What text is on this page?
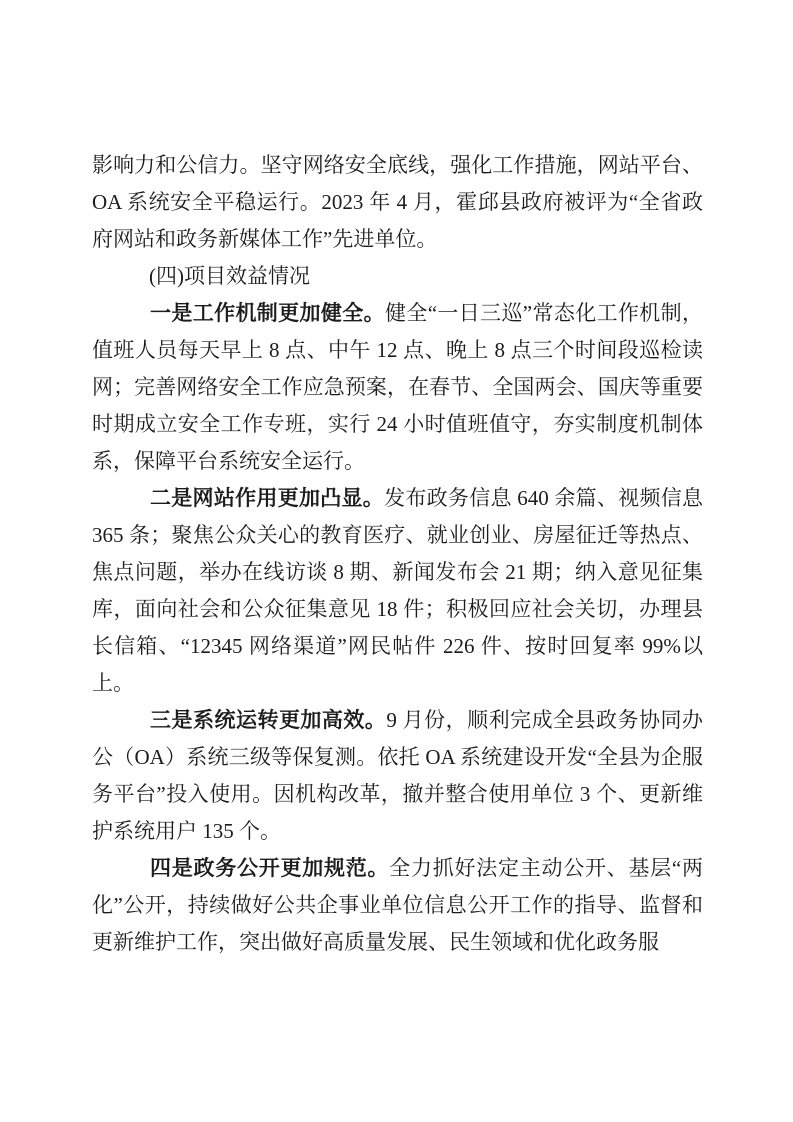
影响力和公信力。坚守网络安全底线，强化工作措施，网站平台、OA 系统安全平稳运行。2023 年 4 月，霍邱县政府被评为“全省政府网站和政务新媒体工作”先进单位。

(四)项目效益情况

一是工作机制更加健全。健全“一日三巡”常态化工作机制，值班人员每天早上 8 点、中午 12 点、晚上 8 点三个时间段巡检读网；完善网络安全工作应急预案，在春节、全国两会、国庆等重要时期成立安全工作专班，实行 24 小时值班值守，夯实制度机制体系，保障平台系统安全运行。

二是网站作用更加凸显。发布政务信息 640 余篇、视频信息 365 条；聚焦公众关心的教育医疗、就业创业、房屋征迁等热点、焦点问题，举办在线访谈 8 期、新闻发布会 21 期；纳入意见征集库，面向社会和公众征集意见 18 件；积极回应社会关切，办理县长信箱、“12345 网络渠道”网民帖件 226 件、按时回复率 99%以上。

三是系统运转更加高效。9 月份，顺利完成全县政务协同办公（OA）系统三级等保复测。依托 OA 系统建设开发“全县为企服务平台”投入使用。因机构改革，撤并整合使用单位 3 个、更新维护系统用户 135 个。

四是政务公开更加规范。全力抓好法定主动公开、基层“两化”公开，持续做好公共企事业单位信息公开工作的指导、监督和更新维护工作，突出做好高质量发展、民生领域和优化政务服
